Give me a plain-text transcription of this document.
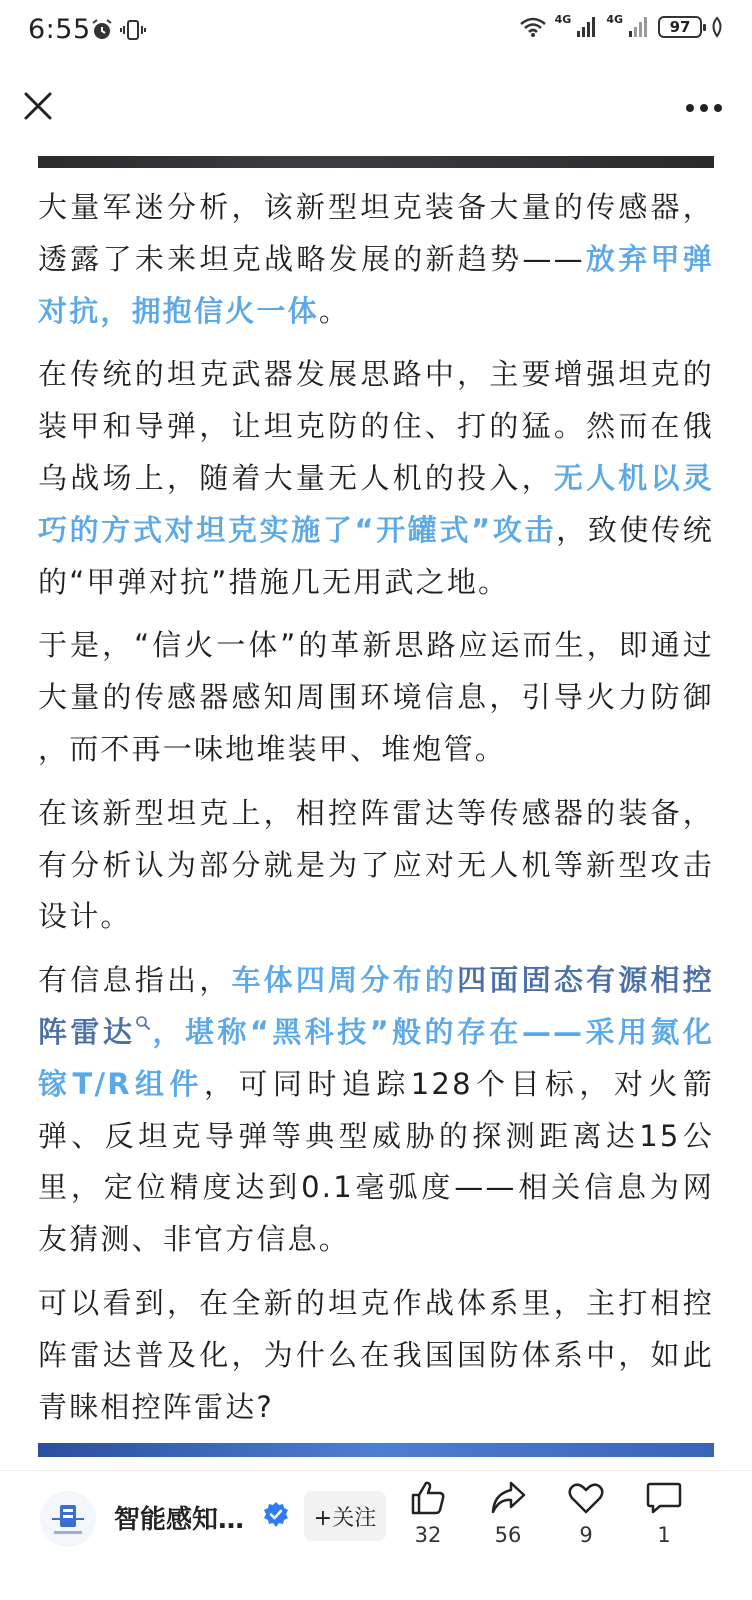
6:55	4G	4G	97

大量军迷分析，该新型坦克装备大量的传感器，透露了未来坦克战略发展的新趋势——放弃甲弹对抗，拥抱信火一体。

在传统的坦克武器发展思路中，主要增强坦克的装甲和导弹，让坦克防的住、打的猛。然而在俄乌战场上，随着大量无人机的投入，无人机以灵巧的方式对坦克实施了“开罐式”攻击，致使传统的“甲弹对抗”措施几无用武之地。

于是，“信火一体”的革新思路应运而生，即通过大量的传感器感知周围环境信息，引导火力防御 ，而不再一味地堆装甲、堆炮管。

在该新型坦克上，相控阵雷达等传感器的装备，有分析认为部分就是为了应对无人机等新型攻击设计。

有信息指出，车体四周分布的四面固态有源相控阵雷达 ，堪称“黑科技”般的存在——采用氮化镓T/R组件，可同时追踪128个目标，对火箭弹、反坦克导弹等典型威胁的探测距离达15公里，定位精度达到0.1毫弧度——相关信息为网友猜测、非官方信息。

可以看到，在全新的坦克作战体系里，主打相控阵雷达普及化，为什么在我国国防体系中，如此青睐相控阵雷达?

智能感知…	+关注
32	56	9	1
